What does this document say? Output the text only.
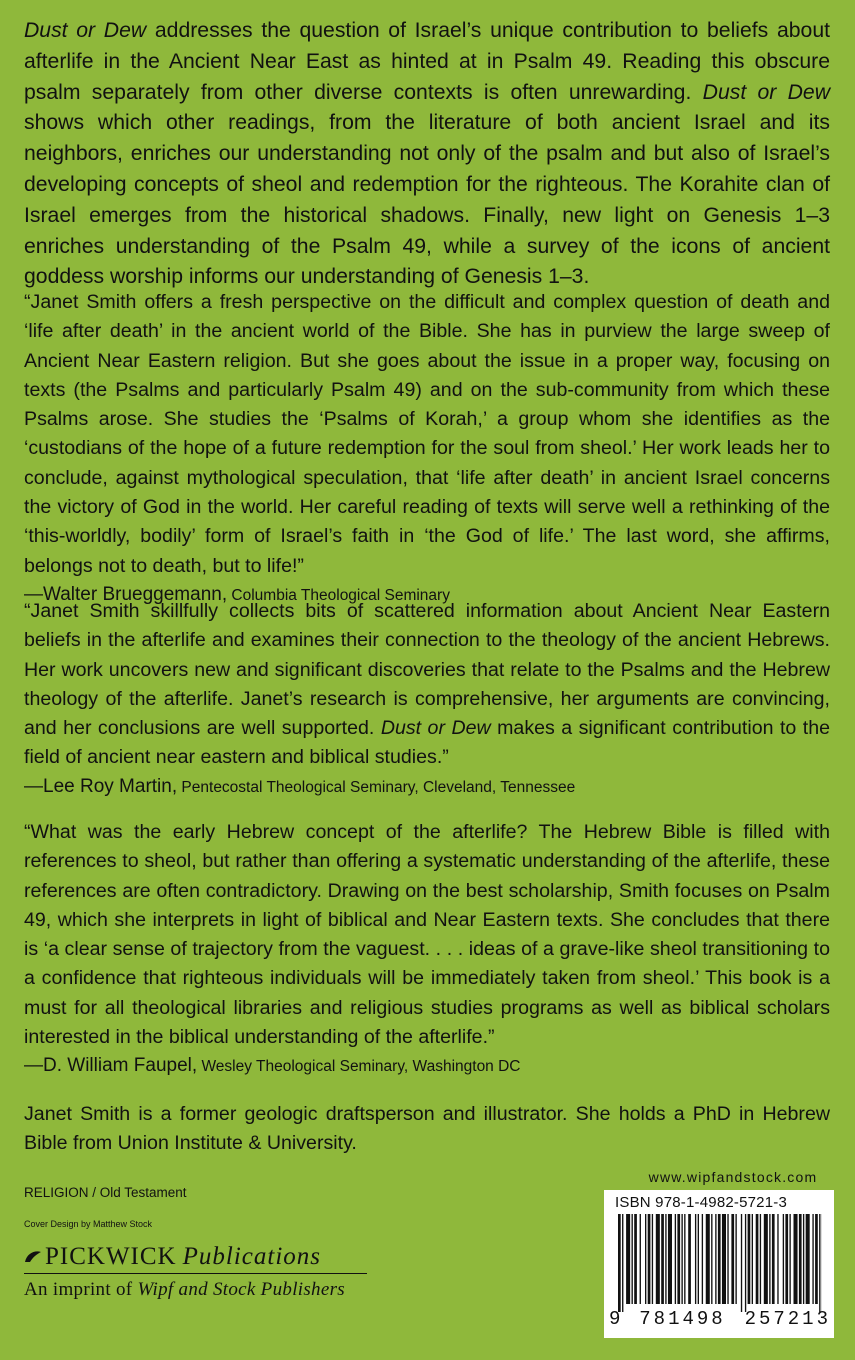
Dust or Dew addresses the question of Israel’s unique contribution to beliefs about afterlife in the Ancient Near East as hinted at in Psalm 49. Reading this obscure psalm separately from other diverse contexts is often unrewarding. Dust or Dew shows which other readings, from the literature of both ancient Israel and its neighbors, enriches our understanding not only of the psalm and but also of Israel’s developing concepts of sheol and redemption for the righteous. The Korahite clan of Israel emerges from the historical shadows. Finally, new light on Genesis 1–3 enriches understanding of the Psalm 49, while a survey of the icons of ancient goddess worship informs our understanding of Genesis 1–3.

“Janet Smith offers a fresh perspective on the difficult and complex question of death and ‘life after death’ in the ancient world of the Bible. She has in purview the large sweep of Ancient Near Eastern religion. But she goes about the issue in a proper way, focusing on texts (the Psalms and particularly Psalm 49) and on the sub-community from which these Psalms arose. She studies the ‘Psalms of Korah,’ a group whom she identifies as the ‘custodians of the hope of a future redemption for the soul from sheol.’ Her work leads her to conclude, against mythological speculation, that ‘life after death’ in ancient Israel concerns the victory of God in the world. Her careful reading of texts will serve well a rethinking of the ‘this-worldly, bodily’ form of Israel’s faith in ‘the God of life.’ The last word, she affirms, belongs not to death, but to life!”

—Walter Brueggemann, Columbia Theological Seminary

“Janet Smith skillfully collects bits of scattered information about Ancient Near Eastern beliefs in the afterlife and examines their connection to the theology of the ancient Hebrews. Her work uncovers new and significant discoveries that relate to the Psalms and the Hebrew theology of the afterlife. Janet’s research is comprehensive, her arguments are convincing, and her conclusions are well supported. Dust or Dew makes a significant contribution to the field of ancient near eastern and biblical studies.”

—Lee Roy Martin, Pentecostal Theological Seminary, Cleveland, Tennessee

“What was the early Hebrew concept of the afterlife? The Hebrew Bible is filled with references to sheol, but rather than offering a systematic understanding of the afterlife, these references are often contradictory. Drawing on the best scholarship, Smith focuses on Psalm 49, which she interprets in light of biblical and Near Eastern texts. She concludes that there is ‘a clear sense of trajectory from the vaguest. . . . ideas of a grave-like sheol transitioning to a confidence that righteous individuals will be immediately taken from sheol.’ This book is a must for all theological libraries and religious studies programs as well as biblical scholars interested in the biblical understanding of the afterlife.”

—D. William Faupel, Wesley Theological Seminary, Washington DC

Janet Smith is a former geologic draftsperson and illustrator. She holds a PhD in Hebrew Bible from Union Institute & University.

RELIGION / Old Testament
Cover Design by Matthew Stock
PICKWICK Publications
An imprint of Wipf and Stock Publishers
www.wipfandstock.com
ISBN 978-1-4982-5721-3
9 781498 257213
